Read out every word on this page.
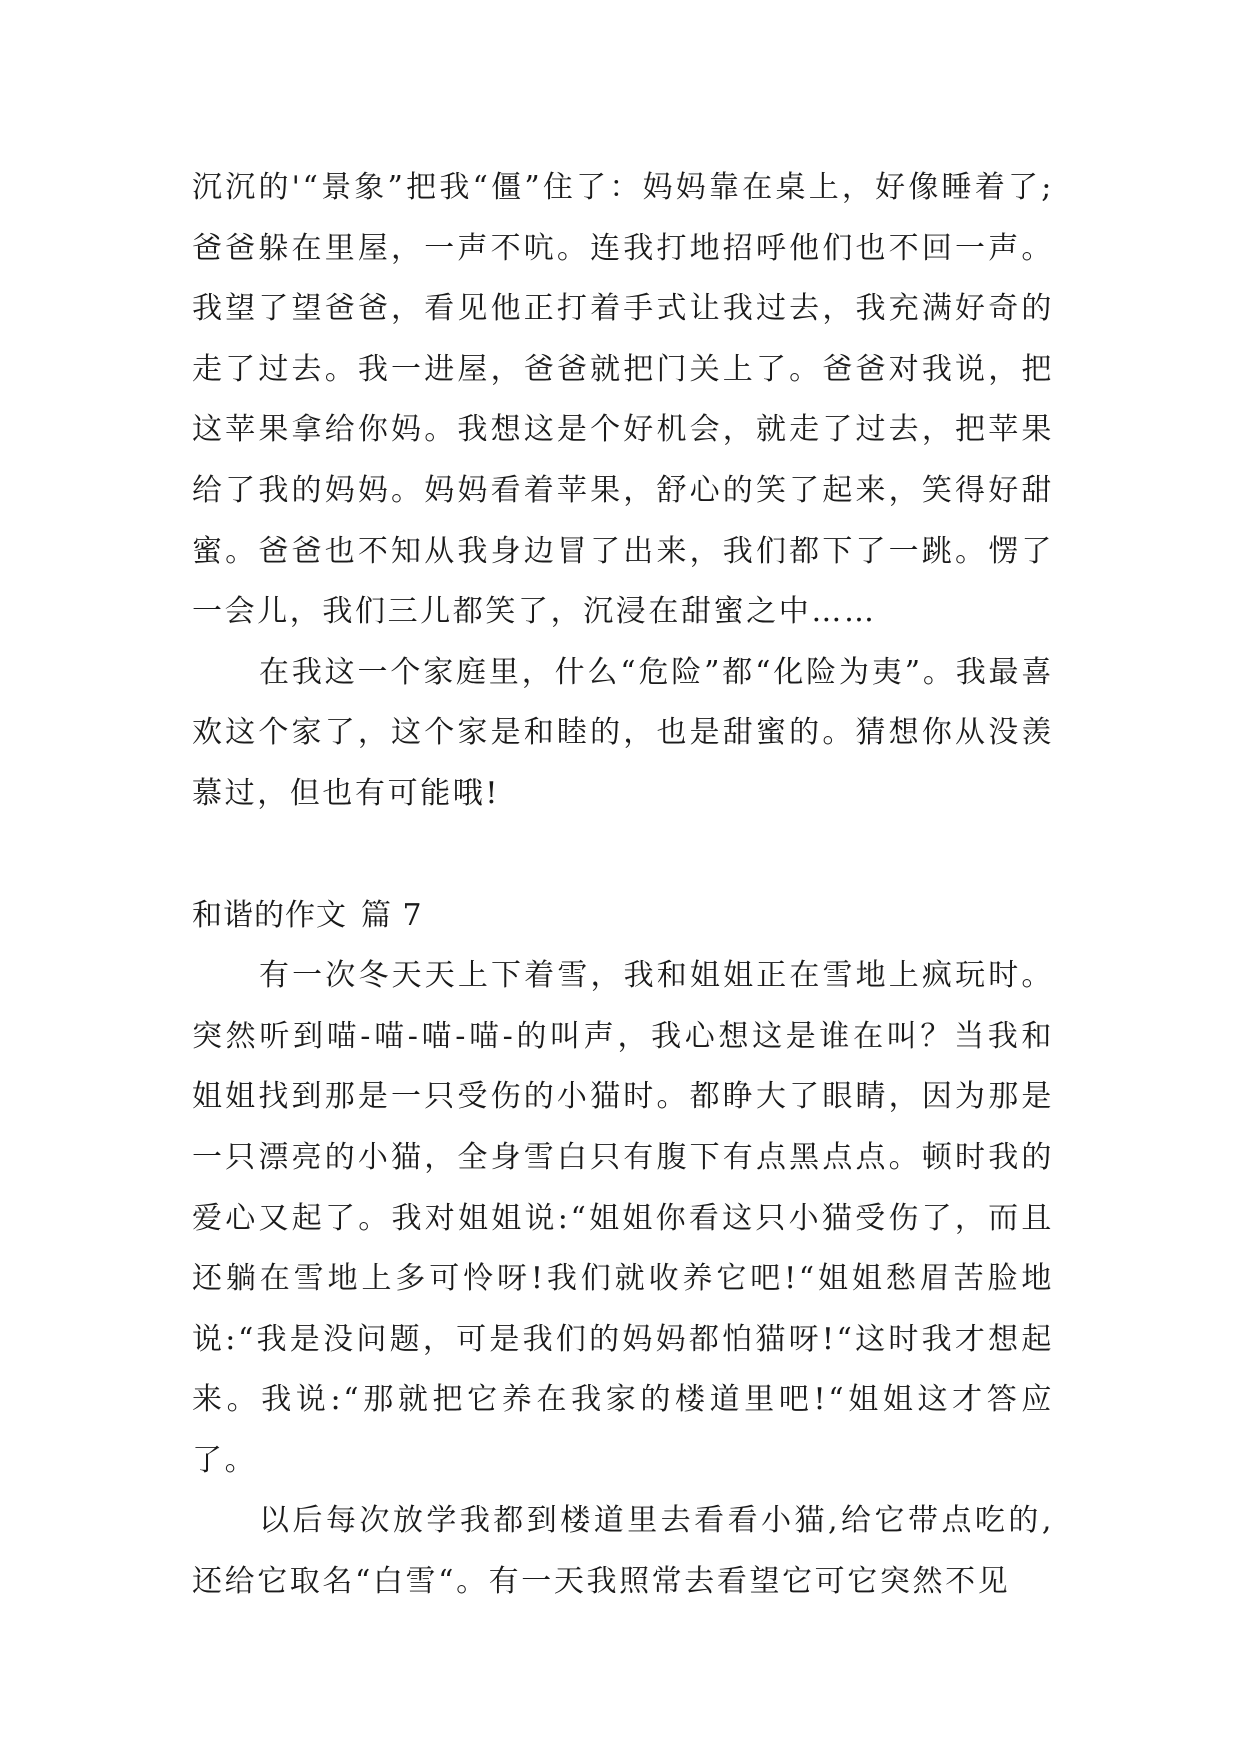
沉沉的'“景象”把我“僵”住了：妈妈靠在桌上，好像睡着了;爸爸躲在里屋，一声不吭。连我打地招呼他们也不回一声。我望了望爸爸，看见他正打着手式让我过去，我充满好奇的走了过去。我一进屋，爸爸就把门关上了。爸爸对我说，把这苹果拿给你妈。我想这是个好机会，就走了过去，把苹果给了我的妈妈。妈妈看着苹果，舒心的笑了起来，笑得好甜蜜。爸爸也不知从我身边冒了出来，我们都下了一跳。愣了一会儿，我们三儿都笑了，沉浸在甜蜜之中……

在我这一个家庭里，什么“危险”都“化险为夷”。我最喜欢这个家了，这个家是和睦的，也是甜蜜的。猜想你从没羡慕过，但也有可能哦!

和谐的作文 篇 7

有一次冬天天上下着雪，我和姐姐正在雪地上疯玩时。突然听到喵-喵-喵-喵-的叫声，我心想这是谁在叫？当我和姐姐找到那是一只受伤的小猫时。都睁大了眼睛，因为那是一只漂亮的小猫，全身雪白只有腹下有点黑点点。顿时我的爱心又起了。我对姐姐说:“姐姐你看这只小猫受伤了，而且还躺在雪地上多可怜呀!我们就收养它吧!“姐姐愁眉苦脸地说:“我是没问题，可是我们的妈妈都怕猫呀!“这时我才想起来。我说:“那就把它养在我家的楼道里吧!“姐姐这才答应了。

以后每次放学我都到楼道里去看看小猫,给它带点吃的,还给它取名“白雪“。有一天我照常去看望它可它突然不见
